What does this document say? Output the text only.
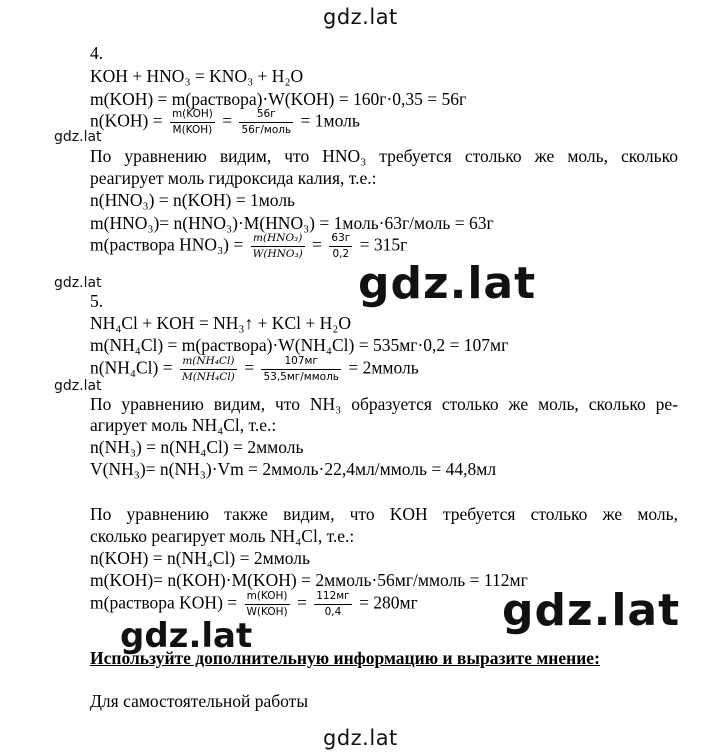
gdz.lat
gdz.lat
gdz.lat
gdz.lat
gdz.lat
gdz.lat
gdz.lat
gdz.lat
4.
KOH + HNO₃ = KNO₃ + H₂O
m(KOH) = m(раствора)·W(KOH) = 160г·0,35 = 56г
$n(KOH) = \frac{\text{m(KOH)}}{\text{M(KOH)}} = \frac{56г}{\text{56г/моль}}$ = 1моль
По уравнению видим, что HNO₃ требуется столько же моль, сколько
реагирует моль гидроксида калия, т.е.:
n(HNO₃) = n(KOH) = 1моль
m(HNO₃)= n(HNO₃)·M(HNO₃) = 1моль·63г/моль = 63г
m(раствора $HNO_3) = \frac{\text{m(HNO₃)}}{\text{W(HNO₃)}} = \frac{63г}{0,2} = 315г$
5.
NH₄Cl + KOH = NH₃↑ + KCl + H₂O
m(NH₄Cl) = m(раствора)·W(NH₄Cl) = 535мг·0,2 = 107мг
$n(NH_4Cl) = \frac{\text{m(NH₄Cl)}}{\text{M(NH₄Cl)}} = \frac{107мг}{\text{53,5мг/ммоль}}$ = 2ммоль
По уравнению видим, что NH₃ образуется столько же моль, сколько ре-
агирует моль NH₄Cl, т.е.:
n(NH₃) = n(NH₄Cl) = 2ммоль
V(NH₃)= n(NH₃)·Vm = 2ммоль·22,4мл/ммоль = 44,8мл
По уравнению также видим, что KOH требуется столько же моль,
сколько реагирует моль NH₄Cl, т.е.:
n(KOH) = n(NH₄Cl) = 2ммоль
m(KOH)= n(KOH)·M(KOH) = 2ммоль·56мг/ммоль = 112мг
m(раствора $KOH) = \frac{\text{m(KOH)}}{\text{W(KOH)}} = \frac{112мг}{0,4} = 280мг$
Используйте дополнительную информацию и выразите мнение:
Для самостоятельной работы
